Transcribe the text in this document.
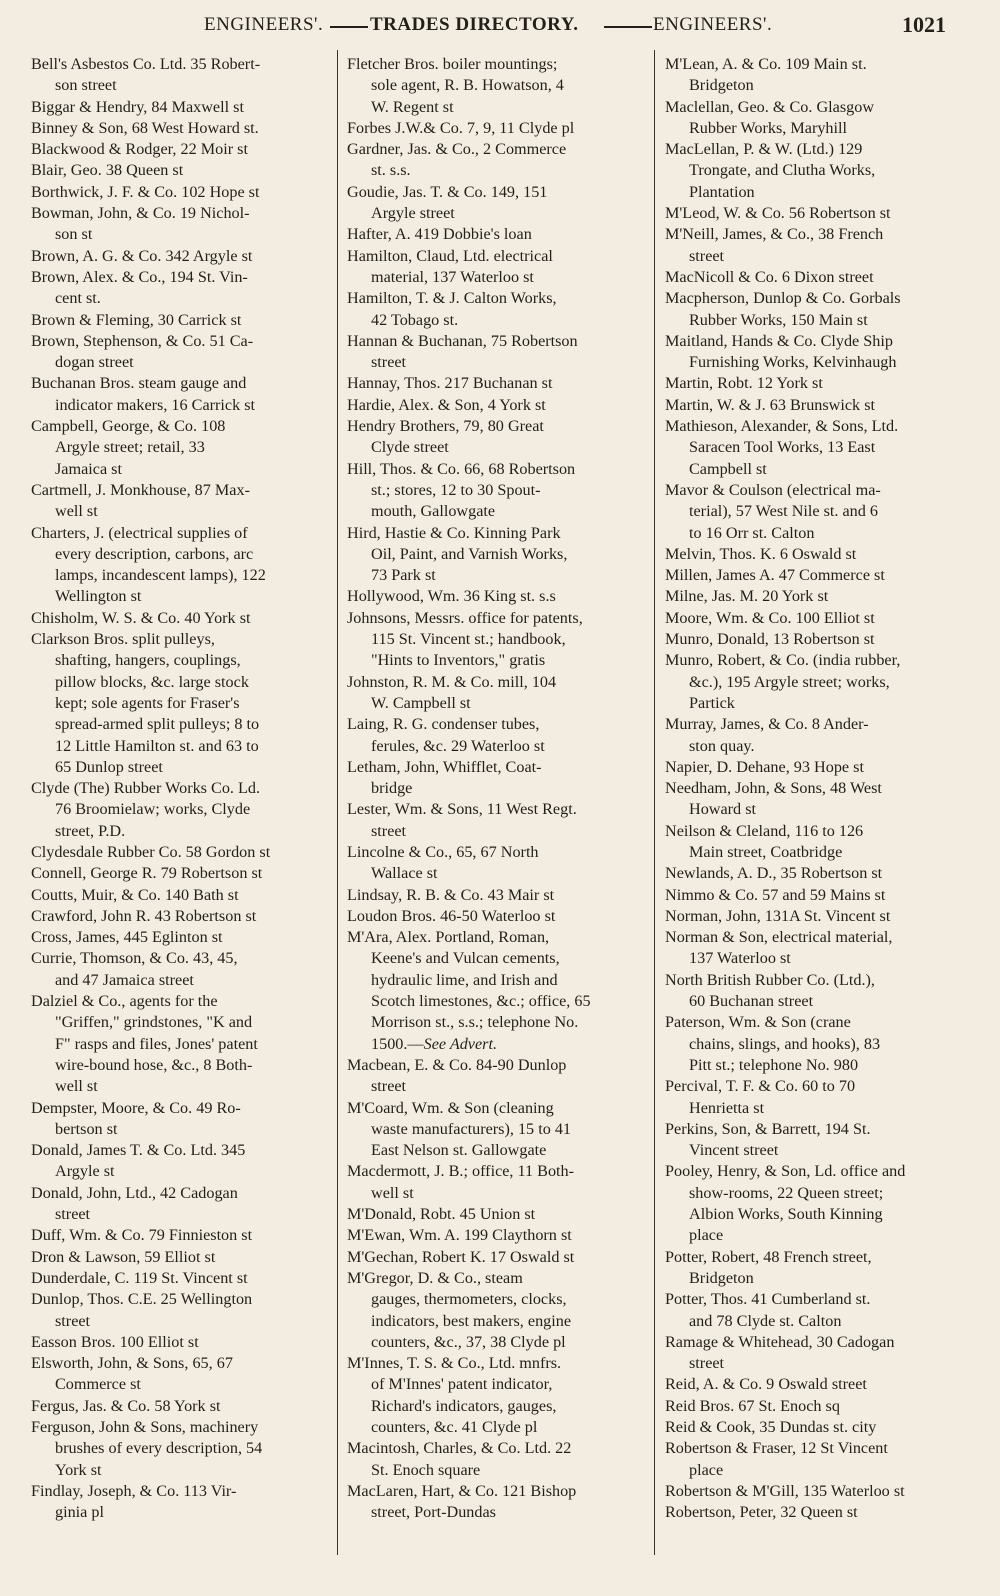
ENGINEERS'. TRADES DIRECTORY.	ENGINEERS'.	1021
Bell's Asbestos Co. Ltd. 35 Robert-
son street
Biggar & Hendry, 84 Maxwell st
Binney & Son, 68 West Howard st.
Blackwood & Rodger, 22 Moir st
Blair, Geo. 38 Queen st
Borthwick, J. F. & Co. 102 Hope st
Bowman, John, & Co. 19 Nichol-
son st
Brown, A. G. & Co. 342 Argyle st
Brown, Alex. & Co., 194 St. Vin-
cent st.
Brown & Fleming, 30 Carrick st
Brown, Stephenson, & Co. 51 Ca-
dogan street
Buchanan Bros. steam gauge and
indicator makers, 16 Carrick st
Campbell, George, & Co. 108
Argyle street; retail, 33
Jamaica st
Cartmell, J. Monkhouse, 87 Max-
well st
Charters, J. (electrical supplies of
every description, carbons, arc
lamps, incandescent lamps), 122
Wellington st
Chisholm, W. S. & Co. 40 York st
Clarkson Bros. split pulleys,
shafting, hangers, couplings,
pillow blocks, &c. large stock
kept; sole agents for Fraser's
spread-armed split pulleys; 8 to
12 Little Hamilton st. and 63 to
65 Dunlop street
Clyde (The) Rubber Works Co. Ld.
76 Broomielaw; works, Clyde
street, P.D.
Clydesdale Rubber Co. 58 Gordon st
Connell, George R. 79 Robertson st
Coutts, Muir, & Co. 140 Bath st
Crawford, John R. 43 Robertson st
Cross, James, 445 Eglinton st
Currie, Thomson, & Co. 43, 45,
and 47 Jamaica street
Dalziel & Co., agents for the
"Griffen," grindstones, "K and
F" rasps and files, Jones' patent
wire-bound hose, &c., 8 Both-
well st
Dempster, Moore, & Co. 49 Ro-
bertson st
Donald, James T. & Co. Ltd. 345
Argyle st
Donald, John, Ltd., 42 Cadogan
street
Duff, Wm. & Co. 79 Finnieston st
Dron & Lawson, 59 Elliot st
Dunderdale, C. 119 St. Vincent st
Dunlop, Thos. C.E. 25 Wellington
street
Easson Bros. 100 Elliot st
Elsworth, John, & Sons, 65, 67
Commerce st
Fergus, Jas. & Co. 58 York st
Ferguson, John & Sons, machinery
brushes of every description, 54
York st
Findlay, Joseph, & Co. 113 Vir-
ginia pl
Fletcher Bros. boiler mountings;
sole agent, R. B. Howatson, 4
W. Regent st
Forbes J.W.& Co. 7, 9, 11 Clyde pl
Gardner, Jas. & Co., 2 Commerce
st. s.s.
Goudie, Jas. T. & Co. 149, 151
Argyle street
Hafter, A. 419 Dobbie's loan
Hamilton, Claud, Ltd. electrical
material, 137 Waterloo st
Hamilton, T. & J. Calton Works,
42 Tobago st.
Hannan & Buchanan, 75 Robertson
street
Hannay, Thos. 217 Buchanan st
Hardie, Alex. & Son, 4 York st
Hendry Brothers, 79, 80 Great
Clyde street
Hill, Thos. & Co. 66, 68 Robertson
st.; stores, 12 to 30 Spout-
mouth, Gallowgate
Hird, Hastie & Co. Kinning Park
Oil, Paint, and Varnish Works,
73 Park st
Hollywood, Wm. 36 King st. s.s
Johnsons, Messrs. office for patents,
115 St. Vincent st.; handbook,
"Hints to Inventors," gratis
Johnston, R. M. & Co. mill, 104
W. Campbell st
Laing, R. G. condenser tubes,
ferules, &c. 29 Waterloo st
Letham, John, Whifflet, Coat-
bridge
Lester, Wm. & Sons, 11 West Regt.
street
Lincolne & Co., 65, 67 North
Wallace st
Lindsay, R. B. & Co. 43 Mair st
Loudon Bros. 46-50 Waterloo st
M'Ara, Alex. Portland, Roman,
Keene's and Vulcan cements,
hydraulic lime, and Irish and
Scotch limestones, &c.; office, 65
Morrison st., s.s.; telephone No.
1500.—See Advert.
Macbean, E. & Co. 84-90 Dunlop
street
M'Coard, Wm. & Son (cleaning
waste manufacturers), 15 to 41
East Nelson st. Gallowgate
Macdermott, J. B.; office, 11 Both-
well st
M'Donald, Robt. 45 Union st
M'Ewan, Wm. A. 199 Claythorn st
M'Gechan, Robert K. 17 Oswald st
M'Gregor, D. & Co., steam
gauges, thermometers, clocks,
indicators, best makers, engine
counters, &c., 37, 38 Clyde pl
M'Innes, T. S. & Co., Ltd. mnfrs.
of M'Innes' patent indicator,
Richard's indicators, gauges,
counters, &c. 41 Clyde pl
Macintosh, Charles, & Co. Ltd. 22
St. Enoch square
MacLaren, Hart, & Co. 121 Bishop
street, Port-Dundas
M'Lean, A. & Co. 109 Main st.
Bridgeton
Maclellan, Geo. & Co. Glasgow
Rubber Works, Maryhill
MacLellan, P. & W. (Ltd.) 129
Trongate, and Clutha Works,
Plantation
M'Leod, W. & Co. 56 Robertson st
M'Neill, James, & Co., 38 French
street
MacNicoll & Co. 6 Dixon street
Macpherson, Dunlop & Co. Gorbals
Rubber Works, 150 Main st
Maitland, Hands & Co. Clyde Ship
Furnishing Works, Kelvinhaugh
Martin, Robt. 12 York st
Martin, W. & J. 63 Brunswick st
Mathieson, Alexander, & Sons, Ltd.
Saracen Tool Works, 13 East
Campbell st
Mavor & Coulson (electrical ma-
terial), 57 West Nile st. and 6
to 16 Orr st. Calton
Melvin, Thos. K. 6 Oswald st
Millen, James A. 47 Commerce st
Milne, Jas. M. 20 York st
Moore, Wm. & Co. 100 Elliot st
Munro, Donald, 13 Robertson st
Munro, Robert, & Co. (india rubber,
&c.), 195 Argyle street; works,
Partick
Murray, James, & Co. 8 Ander-
ston quay.
Napier, D. Dehane, 93 Hope st
Needham, John, & Sons, 48 West
Howard st
Neilson & Cleland, 116 to 126
Main street, Coatbridge
Newlands, A. D., 35 Robertson st
Nimmo & Co. 57 and 59 Mains st
Norman, John, 131A St. Vincent st
Norman & Son, electrical material,
137 Waterloo st
North British Rubber Co. (Ltd.),
60 Buchanan street
Paterson, Wm. & Son (crane
chains, slings, and hooks), 83
Pitt st.; telephone No. 980
Percival, T. F. & Co. 60 to 70
Henrietta st
Perkins, Son, & Barrett, 194 St.
Vincent street
Pooley, Henry, & Son, Ld. office and
show-rooms, 22 Queen street;
Albion Works, South Kinning
place
Potter, Robert, 48 French street,
Bridgeton
Potter, Thos. 41 Cumberland st.
and 78 Clyde st. Calton
Ramage & Whitehead, 30 Cadogan
street
Reid, A. & Co. 9 Oswald street
Reid Bros. 67 St. Enoch sq
Reid & Cook, 35 Dundas st. city
Robertson & Fraser, 12 St Vincent
place
Robertson & M'Gill, 135 Waterloo st
Robertson, Peter, 32 Queen st
